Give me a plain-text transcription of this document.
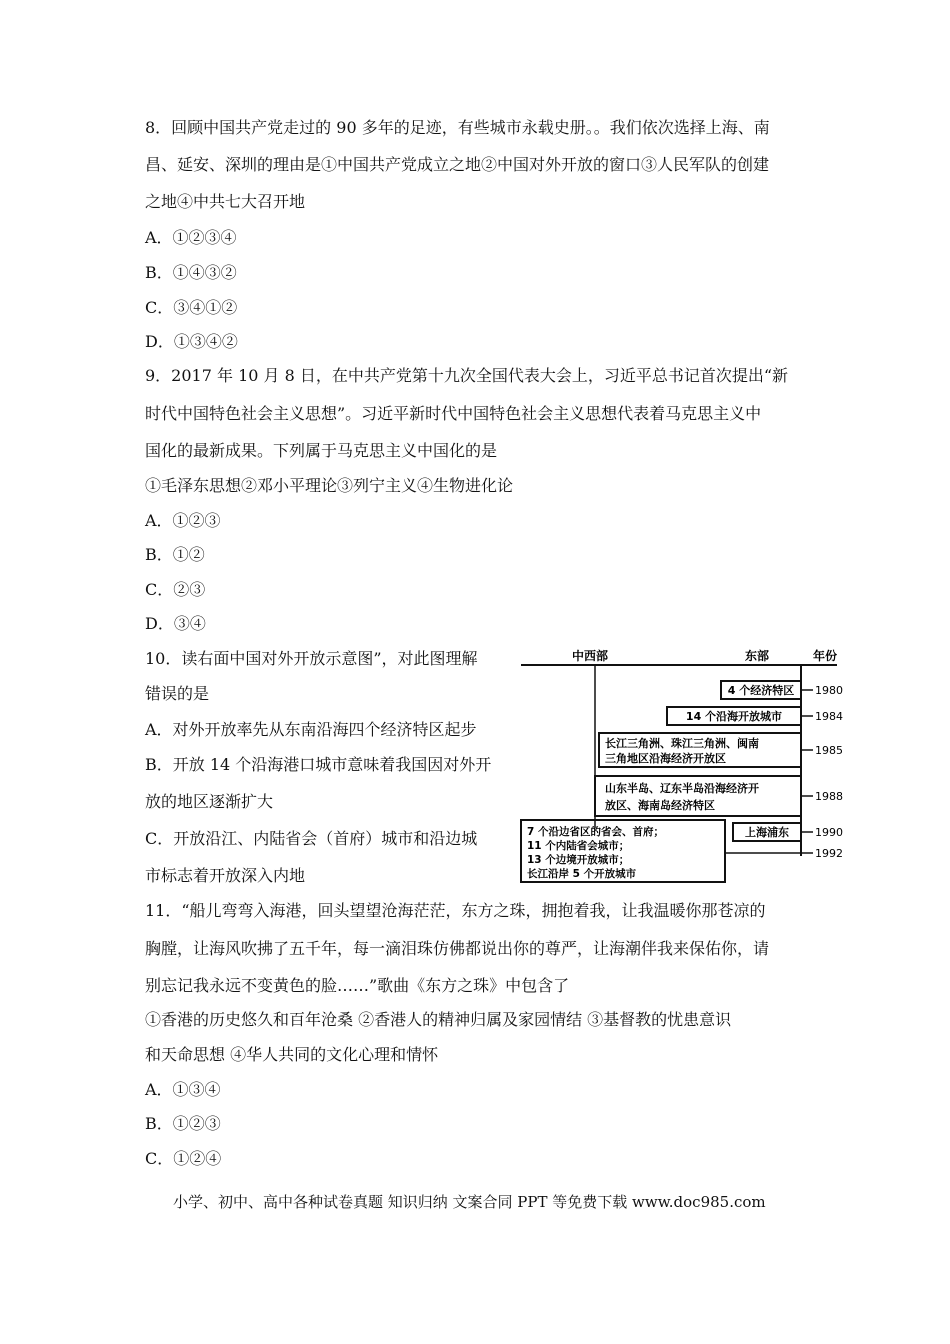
8．回顾中国共产党走过的 90 多年的足迹，有些城市永载史册。。我们依次选择上海、南
昌、延安、深圳的理由是①中国共产党成立之地②中国对外开放的窗口③人民军队的创建
之地④中共七大召开地
A．①②③④
B．①④③②
C．③④①②
D．①③④②
9．2017 年 10 月 8 日，在中共产党第十九次全国代表大会上，习近平总书记首次提出“新
时代中国特色社会主义思想”。习近平新时代中国特色社会主义思想代表着马克思主义中
国化的最新成果。下列属于马克思主义中国化的是
①毛泽东思想②邓小平理论③列宁主义④生物进化论
A．①②③
B．①②
C．②③
D．③④
10．读右面中国对外开放示意图”，对此图理解
错误的是
A．对外开放率先从东南沿海四个经济特区起步
B．开放 14 个沿海港口城市意味着我国因对外开
放的地区逐渐扩大
C．开放沿江、内陆省会（首府）城市和沿边城
市标志着开放深入内地
中西部	东部	年份
4 个经济特区 1980
14 个沿海开放城市	1984
长江三角洲、珠江三角洲、闽南
三角地区沿海经济开放区
1985
山东半岛、辽东半岛沿海经济开
放区、海南岛经济特区
1988
上海浦东 1990
7 个沿边省区的省会、首府；
11 个内陆省会城市；
13 个边境开放城市；
长江沿岸 5 个开放城市
1992
11．“船儿弯弯入海港，回头望望沧海茫茫，东方之珠，拥抱着我，让我温暖你那苍凉的
胸膛，让海风吹拂了五千年，每一滴泪珠仿佛都说出你的尊严，让海潮伴我来保佑你，请
别忘记我永远不变黄色的脸……”歌曲《东方之珠》中包含了
①香港的历史悠久和百年沧桑 ②香港人的精神归属及家园情结 ③基督教的忧患意识
和天命思想 ④华人共同的文化心理和情怀
A．①③④
B．①②③
C．①②④
小学、初中、高中各种试卷真题 知识归纳 文案合同 PPT 等免费下载 www.doc985.com
